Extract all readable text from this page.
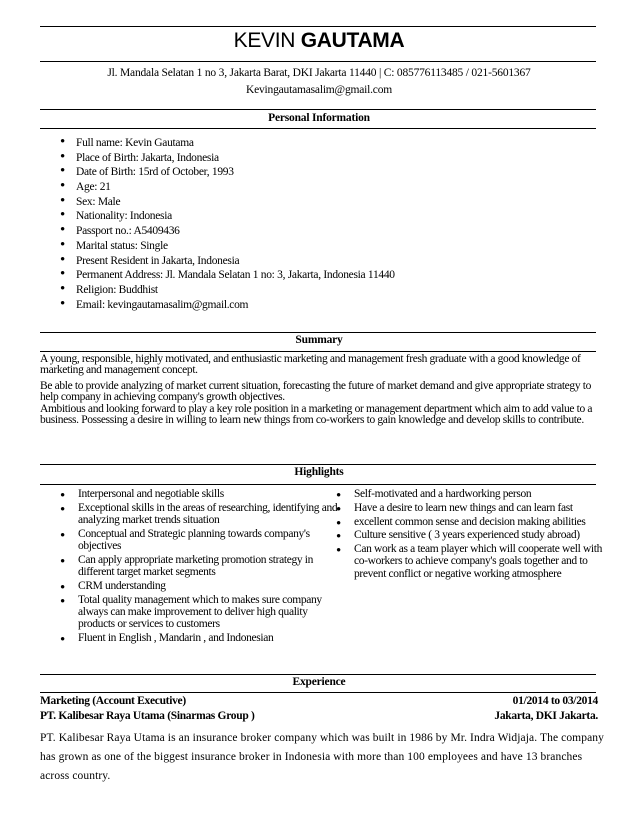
KEVIN GAUTAMA
Jl. Mandala Selatan 1 no 3, Jakarta Barat, DKI Jakarta 11440 | C: 085776113485 / 021-5601367
Kevingautamasalim@gmail.com
Personal Information
• Full name: Kevin Gautama
• Place of Birth: Jakarta, Indonesia
• Date of Birth: 15rd of October, 1993
• Age: 21
• Sex: Male
• Nationality: Indonesia
• Passport no.: A5409436
• Marital status: Single
• Present Resident in Jakarta, Indonesia
• Permanent Address: Jl. Mandala Selatan 1 no: 3, Jakarta, Indonesia 11440
• Religion: Buddhist
• Email: kevingautamasalim@gmail.com
Summary

A young, responsible, highly motivated, and enthusiastic marketing and management fresh graduate with a good knowledge of marketing and management concept.

Be able to provide analyzing of market current situation, forecasting the future of market demand and give appropriate strategy to help company in achieving company's growth objectives.

Ambitious and looking forward to play a key role position in a marketing or management department which aim to add value to a business. Possessing a desire in willing to learn new things from co-workers to gain knowledge and develop skills to contribute.

Highlights
• Interpersonal and negotiable skills
• Exceptional skills in the areas of researching, identifying and analyzing market trends situation
• Conceptual and Strategic planning towards company's objectives
• Can apply appropriate marketing promotion strategy in different target market segments
• CRM understanding
• Total quality management which to makes sure company always can make improvement to deliver high quality products or services to customers
• Fluent in English , Mandarin , and Indonesian
• Self-motivated and a hardworking person
• Have a desire to learn new things and can learn fast
• excellent common sense and decision making abilities
• Culture sensitive ( 3 years experienced study abroad)
• Can work as a team player which will cooperate well with co-workers to achieve company's goals together and to prevent conflict or negative working atmosphere
Experience
Marketing (Account Executive)	01/2014 to 03/2014
PT. Kalibesar Raya Utama (Sinarmas Group )	Jakarta, DKI Jakarta.
PT. Kalibesar Raya Utama is an insurance broker company which was built in 1986 by Mr. Indra Widjaja. The company has grown as one of the biggest insurance broker in Indonesia with more than 100 employees and have 13 branches across country.
